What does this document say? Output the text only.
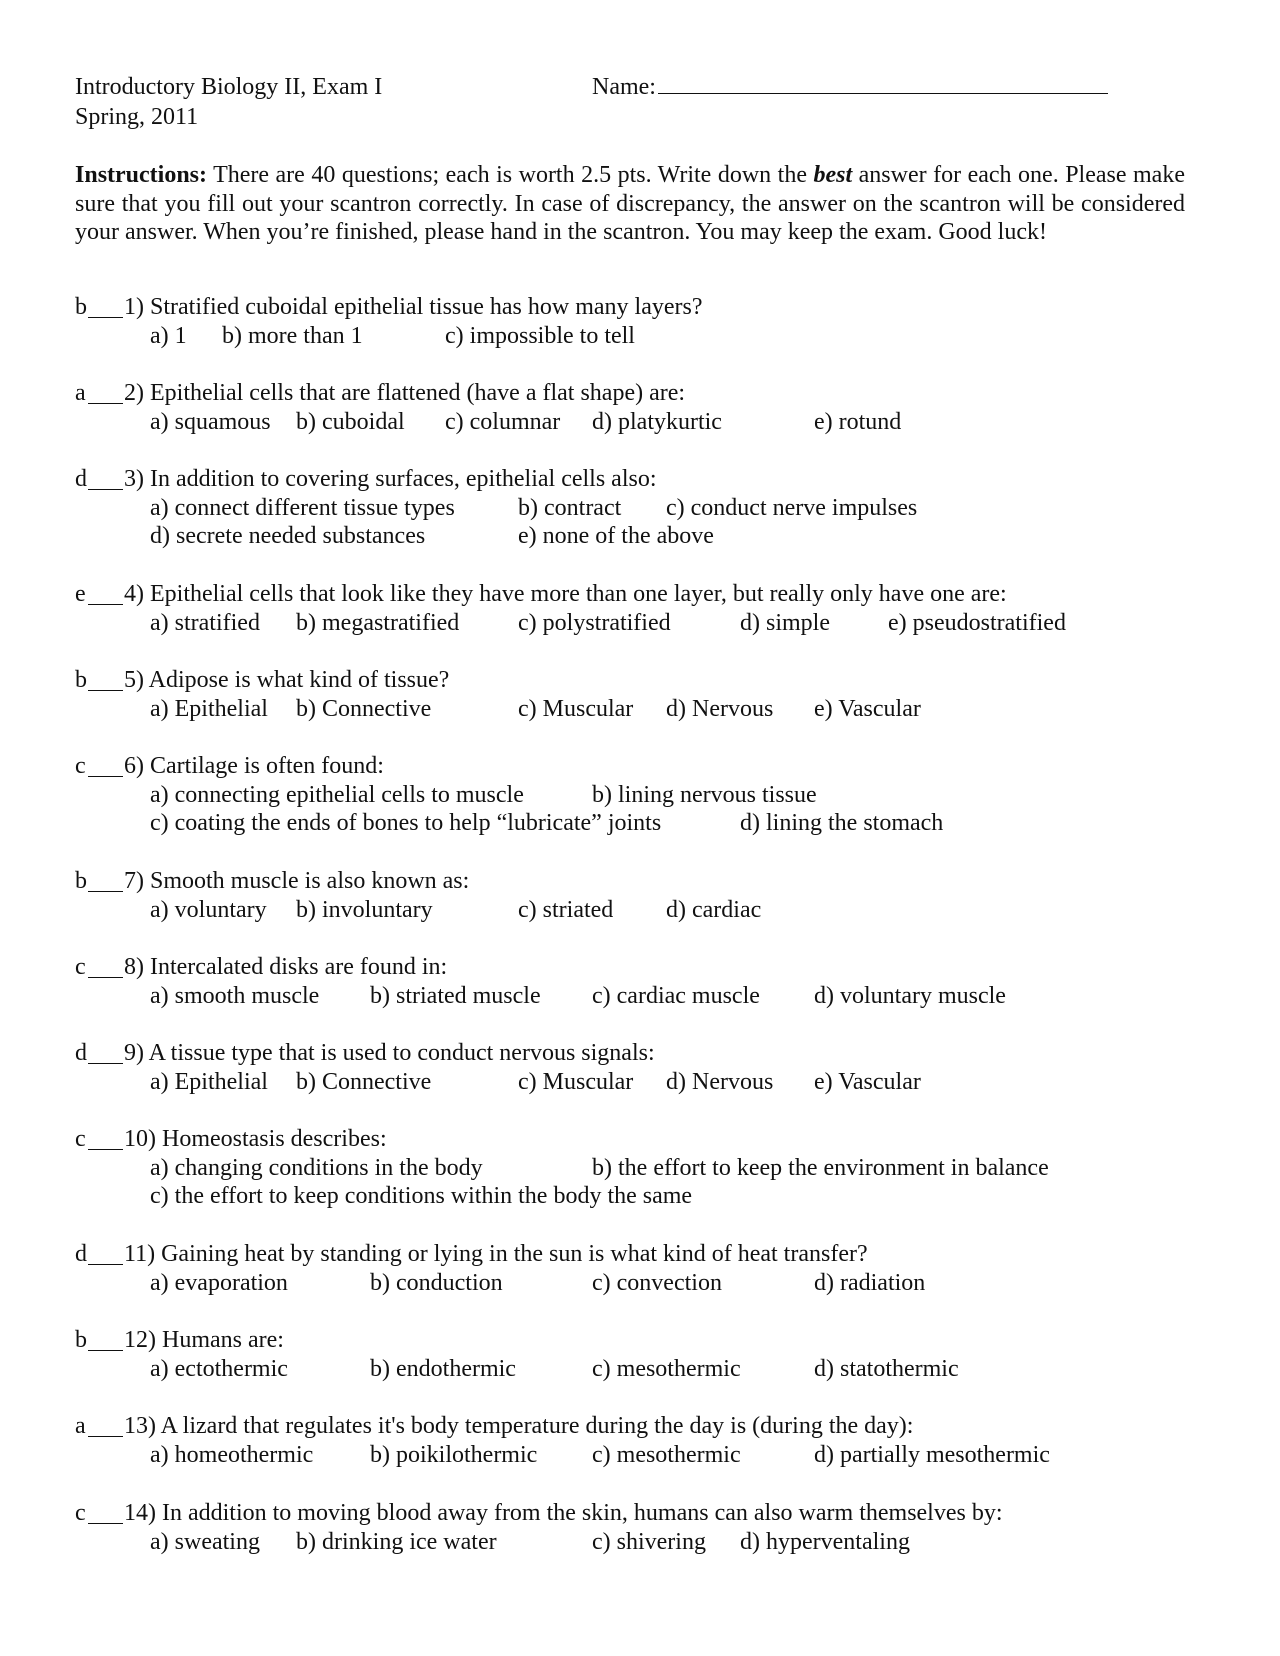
Introductory Biology II, Exam I
Spring, 2011
Name:
Instructions: There are 40 questions; each is worth 2.5 pts. Write down the best answer for each one. Please make sure that you fill out your scantron correctly. In case of discrepancy, the answer on the scantron will be considered your answer. When you’re finished, please hand in the scantron. You may keep the exam. Good luck!
b 1) Stratified cuboidal epithelial tissue has how many layers?
a) 1 b) more than 1	c) impossible to tell
a 2) Epithelial cells that are flattened (have a flat shape) are:
a) squamous b) cuboidal c) columnar d) platykurtic	e) rotund
d 3) In addition to covering surfaces, epithelial cells also:
a) connect different tissue types	b) contract c) conduct nerve impulses
d) secrete needed substances	e) none of the above
e 4) Epithelial cells that look like they have more than one layer, but really only have one are:
a) stratified b) megastratified c) polystratified	d) simple e) pseudostratified
b 5) Adipose is what kind of tissue?
a) Epithelial b) Connective	c) Muscular d) Nervous e) Vascular
c 6) Cartilage is often found:
a) connecting epithelial cells to muscle	b) lining nervous tissue
c) coating the ends of bones to help “lubricate” joints	d) lining the stomach
b 7) Smooth muscle is also known as:
a) voluntary b) involuntary	c) striated d) cardiac
c 8) Intercalated disks are found in:
a) smooth muscle b) striated muscle c) cardiac muscle d) voluntary muscle
d 9) A tissue type that is used to conduct nervous signals:
a) Epithelial b) Connective	c) Muscular d) Nervous e) Vascular
c 10) Homeostasis describes:
a) changing conditions in the body	b) the effort to keep the environment in balance
c) the effort to keep conditions within the body the same
d 11) Gaining heat by standing or lying in the sun is what kind of heat transfer?
a) evaporation	b) conduction	c) convection	d) radiation
b 12) Humans are:
a) ectothermic	b) endothermic	c) mesothermic	d) statothermic
a 13) A lizard that regulates it's body temperature during the day is (during the day):
a) homeothermic b) poikilothermic c) mesothermic	d) partially mesothermic
c 14) In addition to moving blood away from the skin, humans can also warm themselves by:
a) sweating b) drinking ice water	c) shivering d) hyperventaling
